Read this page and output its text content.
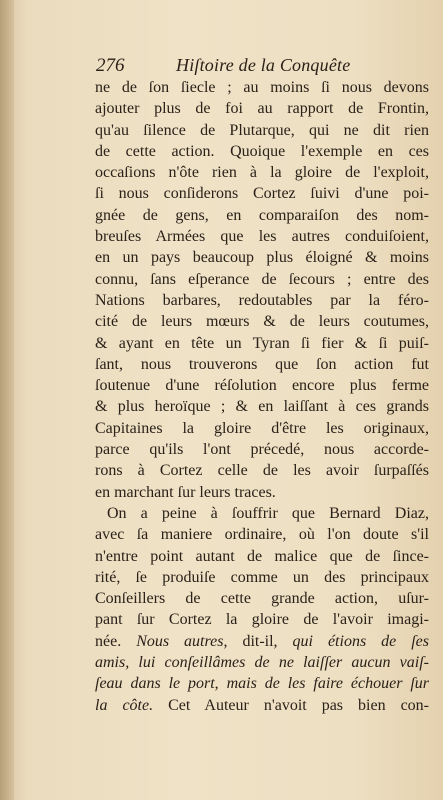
276	Hiſtoire de la Conquête
ne de ſon ſiecle ; au moins ſi nous devons
ajouter plus de foi au rapport de Frontin,
qu'au ſilence de Plutarque, qui ne dit rien
de cette action. Quoique l'exemple en ces
occaſions n'ôte rien à la gloire de l'exploit,
ſi nous conſiderons Cortez ſuivi d'une poi-
gnée de gens, en comparaiſon des nom-
breuſes Armées que les autres conduiſoient,
en un pays beaucoup plus éloigné & moins
connu, ſans eſperance de ſecours ; entre des
Nations barbares, redoutables par la féro-
cité de leurs mœurs & de leurs coutumes,
& ayant en tête un Tyran ſi fier & ſi puiſ-
ſant, nous trouverons que ſon action fut
ſoutenue d'une réſolution encore plus ferme
& plus heroïque ; & en laiſſant à ces grands
Capitaines la gloire d'être les originaux,
parce qu'ils l'ont précedé, nous accorde-
rons à Cortez celle de les avoir ſurpaſſés
en marchant ſur leurs traces.
On a peine à ſouffrir que Bernard Diaz,
avec ſa maniere ordinaire, où l'on doute s'il
n'entre point autant de malice que de ſince-
rité, ſe produiſe comme un des principaux
Conſeillers de cette grande action, uſur-
pant ſur Cortez la gloire de l'avoir imagi-
née. Nous autres, dit-il, qui étions de ſes
amis, lui conſeillâmes de ne laiſſer aucun vaiſ-
ſeau dans le port, mais de les faire échouer ſur
la côte. Cet Auteur n'avoit pas bien con-
